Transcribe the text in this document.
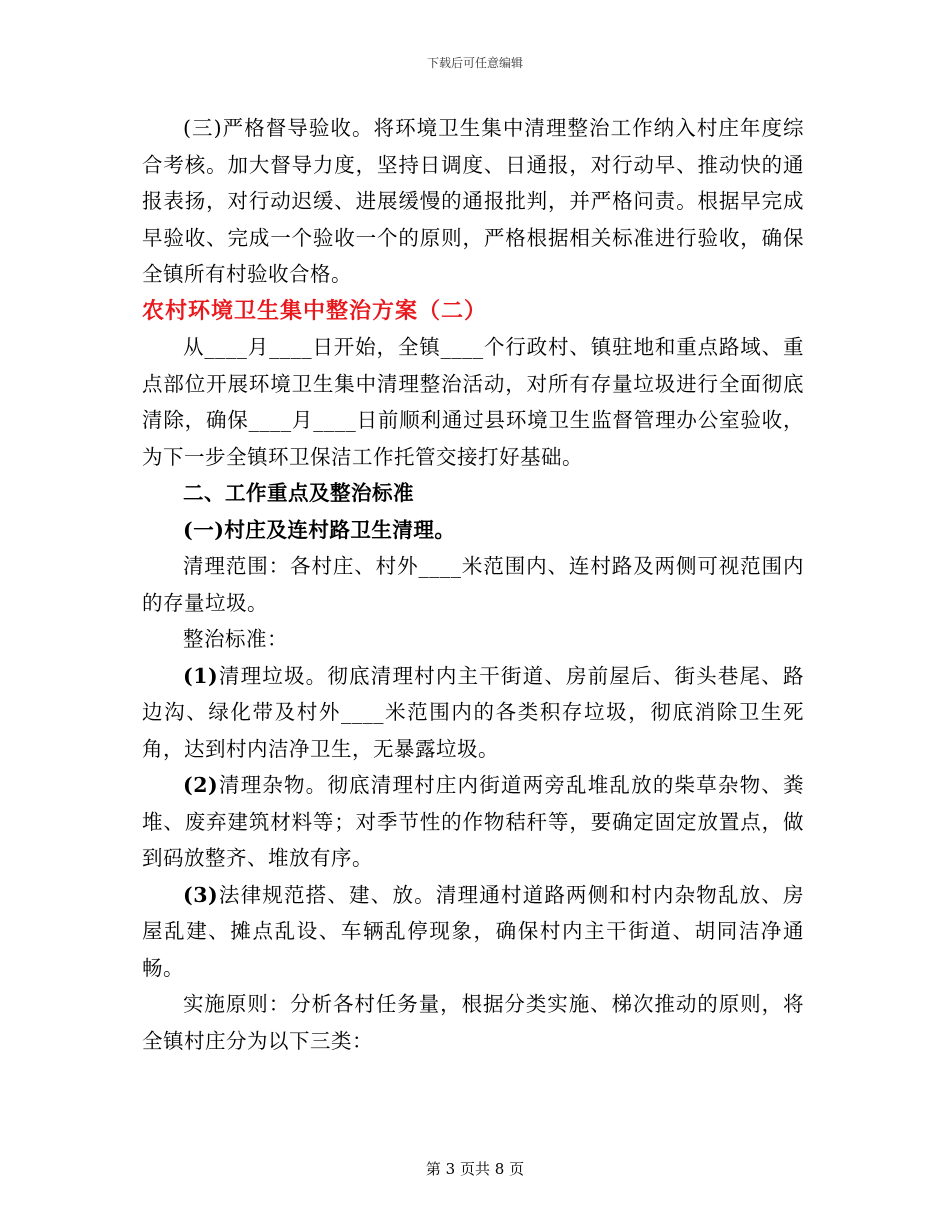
下载后可任意编辑

(三)严格督导验收。将环境卫生集中清理整治工作纳入村庄年度综合考核。加大督导力度，坚持日调度、日通报，对行动早、推动快的通报表扬，对行动迟缓、进展缓慢的通报批判，并严格问责。根据早完成早验收、完成一个验收一个的原则，严格根据相关标准进行验收，确保全镇所有村验收合格。

农村环境卫生集中整治方案（二）

从____月____日开始，全镇____个行政村、镇驻地和重点路域、重点部位开展环境卫生集中清理整治活动，对所有存量垃圾进行全面彻底清除，确保____月____日前顺利通过县环境卫生监督管理办公室验收，为下一步全镇环卫保洁工作托管交接打好基础。

二、工作重点及整治标准

(一)村庄及连村路卫生清理。

清理范围：各村庄、村外____米范围内、连村路及两侧可视范围内的存量垃圾。

整治标准：

(1)清理垃圾。彻底清理村内主干街道、房前屋后、街头巷尾、路边沟、绿化带及村外____米范围内的各类积存垃圾，彻底消除卫生死角，达到村内洁净卫生，无暴露垃圾。

(2)清理杂物。彻底清理村庄内街道两旁乱堆乱放的柴草杂物、粪堆、废弃建筑材料等；对季节性的作物秸秆等，要确定固定放置点，做到码放整齐、堆放有序。

(3)法律规范搭、建、放。清理通村道路两侧和村内杂物乱放、房屋乱建、摊点乱设、车辆乱停现象，确保村内主干街道、胡同洁净通畅。

实施原则：分析各村任务量，根据分类实施、梯次推动的原则，将全镇村庄分为以下三类：

第 3 页共 8 页
